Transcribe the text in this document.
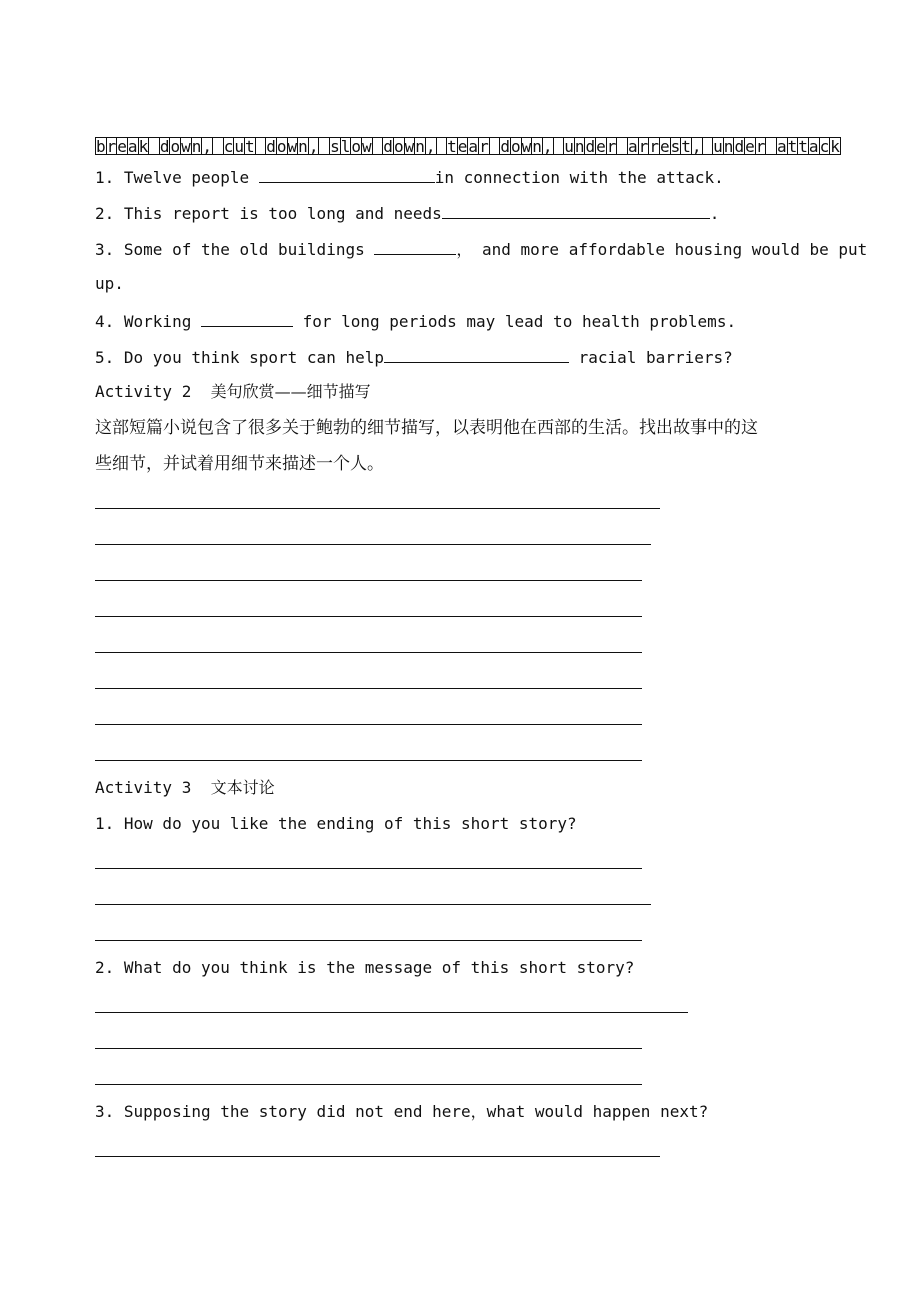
break down, cut down, slow down, tear down, under arrest, under attack
1. Twelve people	in connection with the attack.
2. This report is too long and needs	.
3. Some of the old buildings	， and more affordable housing would be put
up.
4. Working	for long periods may lead to health problems.
5. Do you think sport can help	racial barriers?
Activity 2 美句欣赏——细节描写
这部短篇小说包含了很多关于鲍勃的细节描写，以表明他在西部的生活。找出故事中的这
些细节，并试着用细节来描述一个人。
Activity 3 文本讨论
1. How do you like the ending of this short story?
2. What do you think is the message of this short story?
3. Supposing the story did not end here，what would happen next?
